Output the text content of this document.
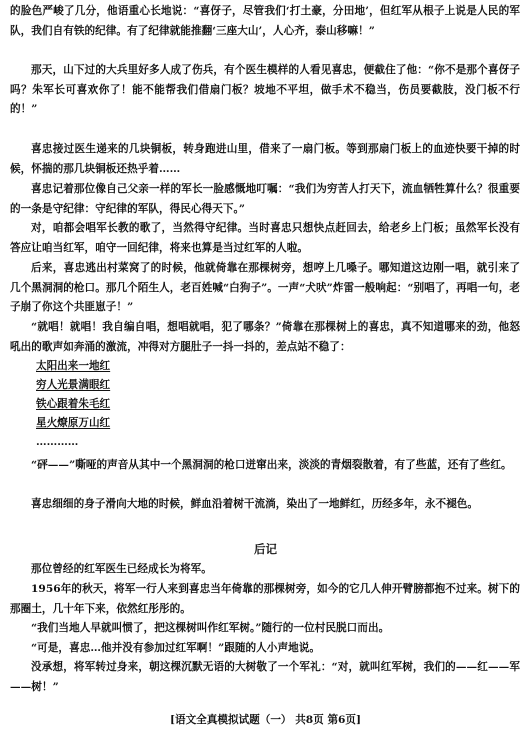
的脸色严峻了几分，他语重心长地说：“喜伢子，尽管我们‘打土豪，分田地’，但红军从根子上说是人民的军队，我们自有铁的纪律。有了纪律就能推翻‘三座大山’，人心齐，泰山移嘛！”

那天，山下过的大兵里好多人成了伤兵，有个医生模样的人看见喜忠，便截住了他：“你不是那个喜伢子吗？朱军长可喜欢你了！能不能帮我们借扇门板？坡地不平坦，做手术不稳当，伤员要截肢，没门板不行的！”

喜忠接过医生递来的几块铜板，转身跑进山里，借来了一扇门板。等到那扇门板上的血迹快要干掉的时候，怀揣的那几块铜板还热乎着……

喜忠记着那位像自己父亲一样的军长一脸感慨地叮嘱：“我们为穷苦人打天下，流血牺牲算什么？很重要的一条是守纪律：守纪律的军队，得民心得天下。”

对，咱都会唱军长教的歌了，当然得守纪律。当时喜忠只想快点赶回去，给老乡上门板；虽然军长没有答应让咱当红军，咱守一回纪律，将来也算是当过红军的人啦。

后来，喜忠逃出村菜窝了的时候，他就倚靠在那棵树旁，想哼上几嗓子。哪知道这边刚一唱，就引来了几个黑洞洞的枪口。那几个陌生人，老百姓喊“白狗子”。一声“犬吠”炸雷一般响起：“别唱了，再唱一句，老子崩了你这个共匪崽子！”

“就唱！就唱！我自编自唱，想唱就唱，犯了哪条？”倚靠在那棵树上的喜忠，真不知道哪来的劲，他怒吼出的歌声如奔涌的激流，冲得对方腿肚子一抖一抖的，差点站不稳了：

太阳出来一地红
穷人光景满眼红
铁心跟着朱毛红
星火燎原万山红
…………

“砰——”嘶哑的声音从其中一个黑洞洞的枪口迸窜出来，淡淡的青烟裂散着，有了些蓝，还有了些红。

喜忠细细的身子滑向大地的时候，鲜血沿着树干流淌，染出了一地鲜红，历经多年，永不褪色。

后记

那位曾经的红军医生已经成长为将军。

1956年的秋天，将军一行人来到喜忠当年倚靠的那棵树旁，如今的它几人伸开臂膀都抱不过来。树下的那圈土，几十年下来，依然红彤彤的。

“我们当地人早就叫惯了，把这棵树叫作红军树。”随行的一位村民脱口而出。

“可是，喜忠…他并没有参加过红军啊！”跟随的人小声地说。

没承想，将军转过身来，朝这棵沉默无语的大树敬了一个军礼：“对，就叫红军树，我们的——红——军——树！”

[语文全真模拟试题（一） 共8页 第6页]
